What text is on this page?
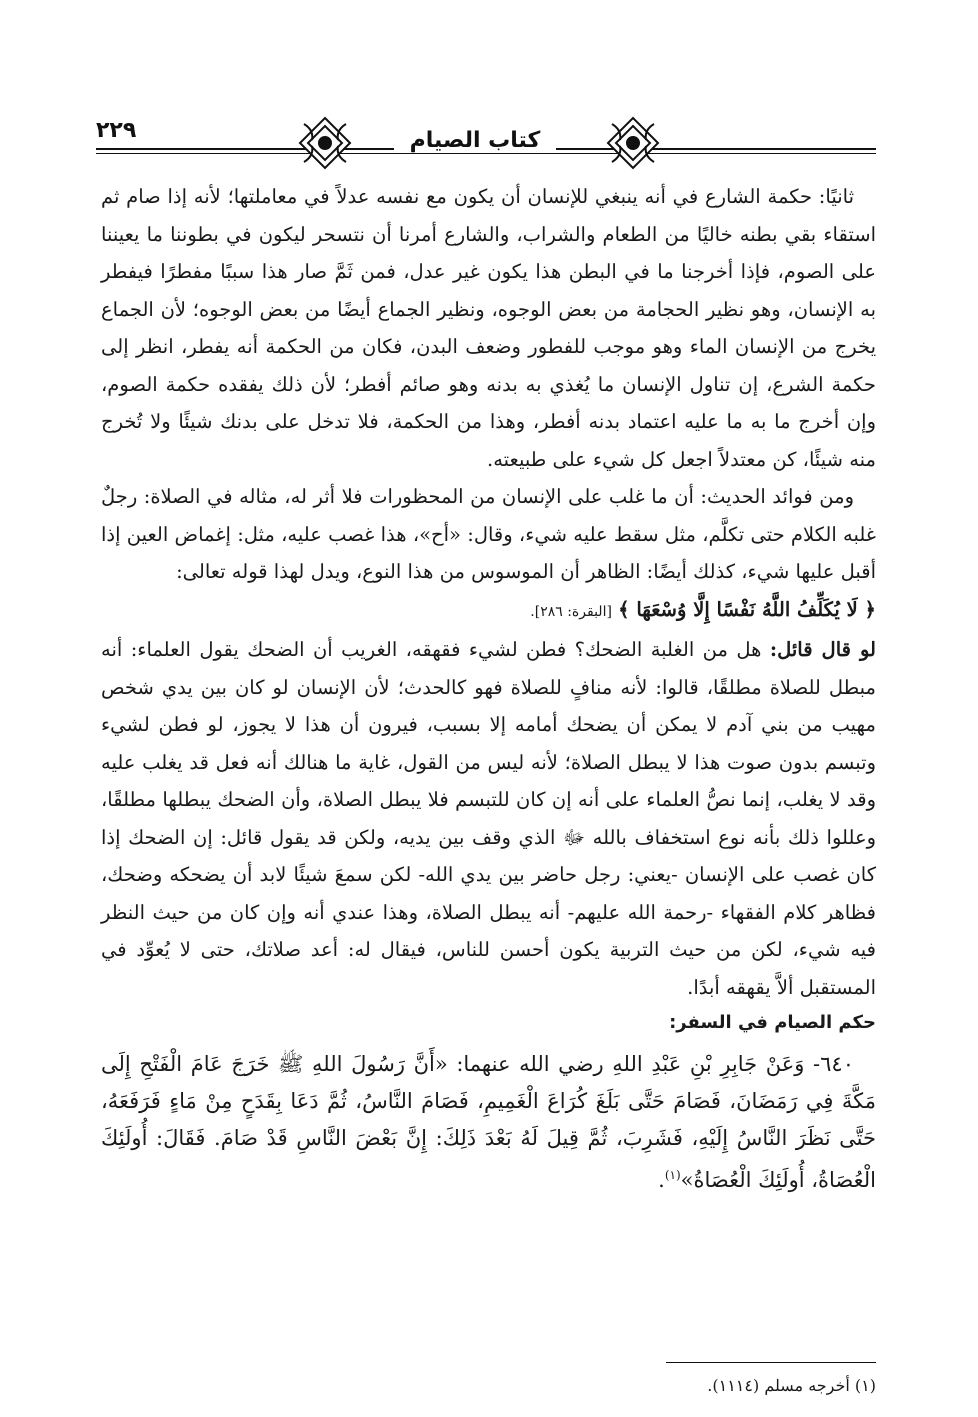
كتاب الصيام
٢٢٩

ثانيًا: حكمة الشارع في أنه ينبغي للإنسان أن يكون مع نفسه عدلاً في معاملتها؛ لأنه إذا صام ثم استقاء بقي بطنه خاليًا من الطعام والشراب، والشارع أمرنا أن نتسحر ليكون في بطوننا ما يعيننا على الصوم، فإذا أخرجنا ما في البطن هذا يكون غير عدل، فمن ثَمَّ صار هذا سببًا مفطرًا فيفطر به الإنسان، وهو نظير الحجامة من بعض الوجوه، ونظير الجماع أيضًا من بعض الوجوه؛ لأن الجماع يخرج من الإنسان الماء وهو موجب للفطور وضعف البدن، فكان من الحكمة أنه يفطر، انظر إلى حكمة الشرع، إن تناول الإنسان ما يُغذي به بدنه وهو صائم أفطر؛ لأن ذلك يفقده حكمة الصوم، وإن أخرج ما به ما عليه اعتماد بدنه أفطر، وهذا من الحكمة، فلا تدخل على بدنك شيئًا ولا تُخرج منه شيئًا، كن معتدلاً اجعل كل شيء على طبيعته.

ومن فوائد الحديث: أن ما غلب على الإنسان من المحظورات فلا أثر له، مثاله في الصلاة: رجلٌ غلبه الكلام حتى تكلَّم، مثل سقط عليه شيء، وقال: «أح»، هذا غصب عليه، مثل: إغماض العين إذا أقبل عليها شيء، كذلك أيضًا: الظاهر أن الموسوس من هذا النوع، ويدل لهذا قوله تعالى:

﴿ لَا يُكَلِّفُ اللَّهُ نَفْسًا إِلَّا وُسْعَهَا ﴾ [البقرة: ٢٨٦].

لو قال قائل: هل من الغلبة الضحك؟ فطن لشيء فقهقه، الغريب أن الضحك يقول العلماء: أنه مبطل للصلاة مطلقًا، قالوا: لأنه منافٍ للصلاة فهو كالحدث؛ لأن الإنسان لو كان بين يدي شخص مهيب من بني آدم لا يمكن أن يضحك أمامه إلا بسبب، فيرون أن هذا لا يجوز، لو فطن لشيء وتبسم بدون صوت هذا لا يبطل الصلاة؛ لأنه ليس من القول، غاية ما هنالك أنه فعل قد يغلب عليه وقد لا يغلب، إنما نصُّ العلماء على أنه إن كان للتبسم فلا يبطل الصلاة، وأن الضحك يبطلها مطلقًا، وعللوا ذلك بأنه نوع استخفاف بالله ﷻ الذي وقف بين يديه، ولكن قد يقول قائل: إن الضحك إذا كان غصب على الإنسان -يعني: رجل حاضر بين يدي الله- لكن سمعَ شيئًا لابد أن يضحكه وضحك، فظاهر كلام الفقهاء -رحمة الله عليهم- أنه يبطل الصلاة، وهذا عندي أنه وإن كان من حيث النظر فيه شيء، لكن من حيث التربية يكون أحسن للناس، فيقال له: أعد صلاتك، حتى لا يُعوِّد في المستقبل ألاَّ يقهقه أبدًا.

حكم الصيام في السفر:

٦٤٠- وَعَنْ جَابِرِ بْنِ عَبْدِ اللهِ رضي الله عنهما: «أَنَّ رَسُولَ اللهِ ﷺ خَرَجَ عَامَ الْفَتْحِ إِلَى مَكَّةَ فِي رَمَضَانَ، فَصَامَ حَتَّى بَلَغَ كُرَاعَ الْغَمِيمِ، فَصَامَ النَّاسُ، ثُمَّ دَعَا بِقَدَحٍ مِنْ مَاءٍ فَرَفَعَهُ، حَتَّى نَظَرَ النَّاسُ إِلَيْهِ، فَشَرِبَ، ثُمَّ قِيلَ لَهُ بَعْدَ ذَلِكَ: إِنَّ بَعْضَ النَّاسِ قَدْ صَامَ. فَقَالَ: أُولَئِكَ الْعُصَاةُ، أُولَئِكَ الْعُصَاةُ»$^{(١)}$.

(١) أخرجه مسلم (١١١٤).
